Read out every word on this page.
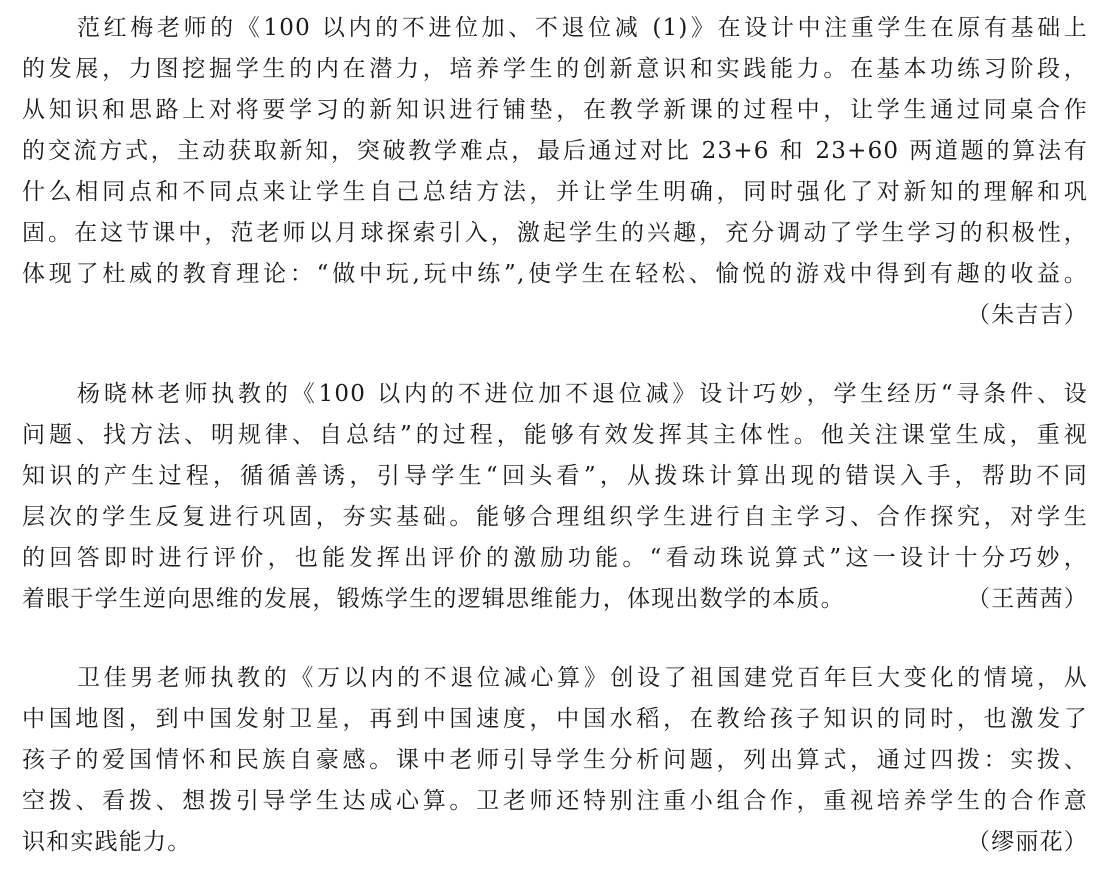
范红梅老师的《100 以内的不进位加、不退位减 (1)》在设计中注重学生在原有基础上
的发展，力图挖掘学生的内在潜力，培养学生的创新意识和实践能力。在基本功练习阶段，
从知识和思路上对将要学习的新知识进行铺垫，在教学新课的过程中，让学生通过同桌合作
的交流方式，主动获取新知，突破教学难点，最后通过对比 23+6 和 23+60 两道题的算法有
什么相同点和不同点来让学生自己总结方法，并让学生明确，同时强化了对新知的理解和巩
固。在这节课中，范老师以月球探索引入，激起学生的兴趣，充分调动了学生学习的积极性，
体现了杜威的教育理论：“做中玩,玩中练”,使学生在轻松、愉悦的游戏中得到有趣的收益。
（朱吉吉）
杨晓林老师执教的《100 以内的不进位加不退位减》设计巧妙，学生经历“寻条件、设
问题、找方法、明规律、自总结”的过程，能够有效发挥其主体性。他关注课堂生成，重视
知识的产生过程，循循善诱，引导学生“回头看”，从拨珠计算出现的错误入手，帮助不同
层次的学生反复进行巩固，夯实基础。能够合理组织学生进行自主学习、合作探究，对学生
的回答即时进行评价，也能发挥出评价的激励功能。“看动珠说算式”这一设计十分巧妙，
着眼于学生逆向思维的发展，锻炼学生的逻辑思维能力，体现出数学的本质。	（王茜茜）
卫佳男老师执教的《万以内的不退位减心算》创设了祖国建党百年巨大变化的情境，从
中国地图，到中国发射卫星，再到中国速度，中国水稻，在教给孩子知识的同时，也激发了
孩子的爱国情怀和民族自豪感。课中老师引导学生分析问题，列出算式，通过四拨：实拨、
空拨、看拨、想拨引导学生达成心算。卫老师还特别注重小组合作，重视培养学生的合作意
识和实践能力。	（缪丽花）
